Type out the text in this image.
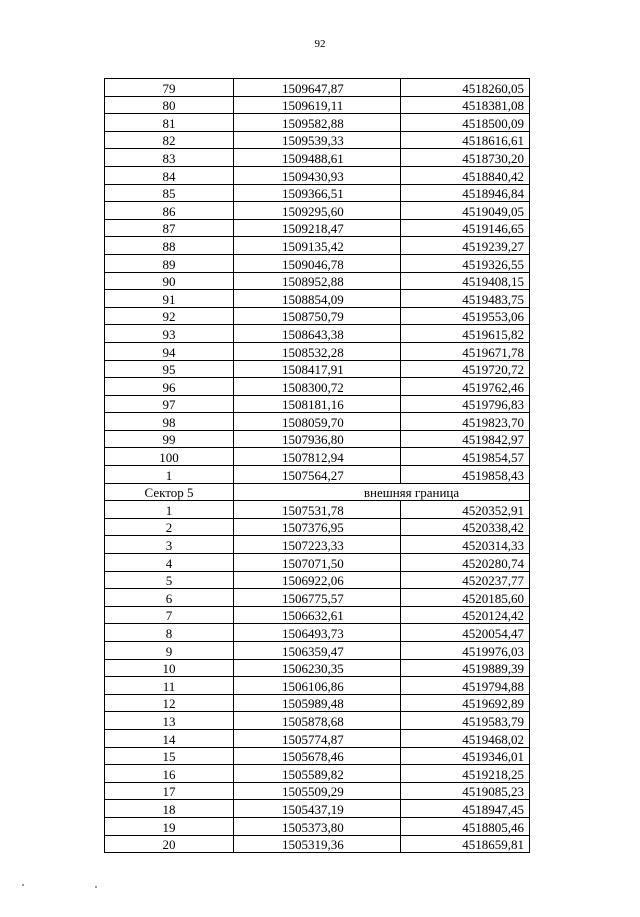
92
79	1509647,87	4518260,05
80	1509619,11	4518381,08
81	1509582,88	4518500,09
82	1509539,33	4518616,61
83	1509488,61	4518730,20
84	1509430,93	4518840,42
85	1509366,51	4518946,84
86	1509295,60	4519049,05
87	1509218,47	4519146,65
88	1509135,42	4519239,27
89	1509046,78	4519326,55
90	1508952,88	4519408,15
91	1508854,09	4519483,75
92	1508750,79	4519553,06
93	1508643,38	4519615,82
94	1508532,28	4519671,78
95	1508417,91	4519720,72
96	1508300,72	4519762,46
97	1508181,16	4519796,83
98	1508059,70	4519823,70
99	1507936,80	4519842,97
100	1507812,94	4519854,57
1	1507564,27	4519858,43
Сектор 5	внешняя граница	
1	1507531,78	4520352,91
2	1507376,95	4520338,42
3	1507223,33	4520314,33
4	1507071,50	4520280,74
5	1506922,06	4520237,77
6	1506775,57	4520185,60
7	1506632,61	4520124,42
8	1506493,73	4520054,47
9	1506359,47	4519976,03
10	1506230,35	4519889,39
11	1506106,86	4519794,88
12	1505989,48	4519692,89
13	1505878,68	4519583,79
14	1505774,87	4519468,02
15	1505678,46	4519346,01
16	1505589,82	4519218,25
17	1505509,29	4519085,23
18	1505437,19	4518947,45
19	1505373,80	4518805,46
20	1505319,36	4518659,81
